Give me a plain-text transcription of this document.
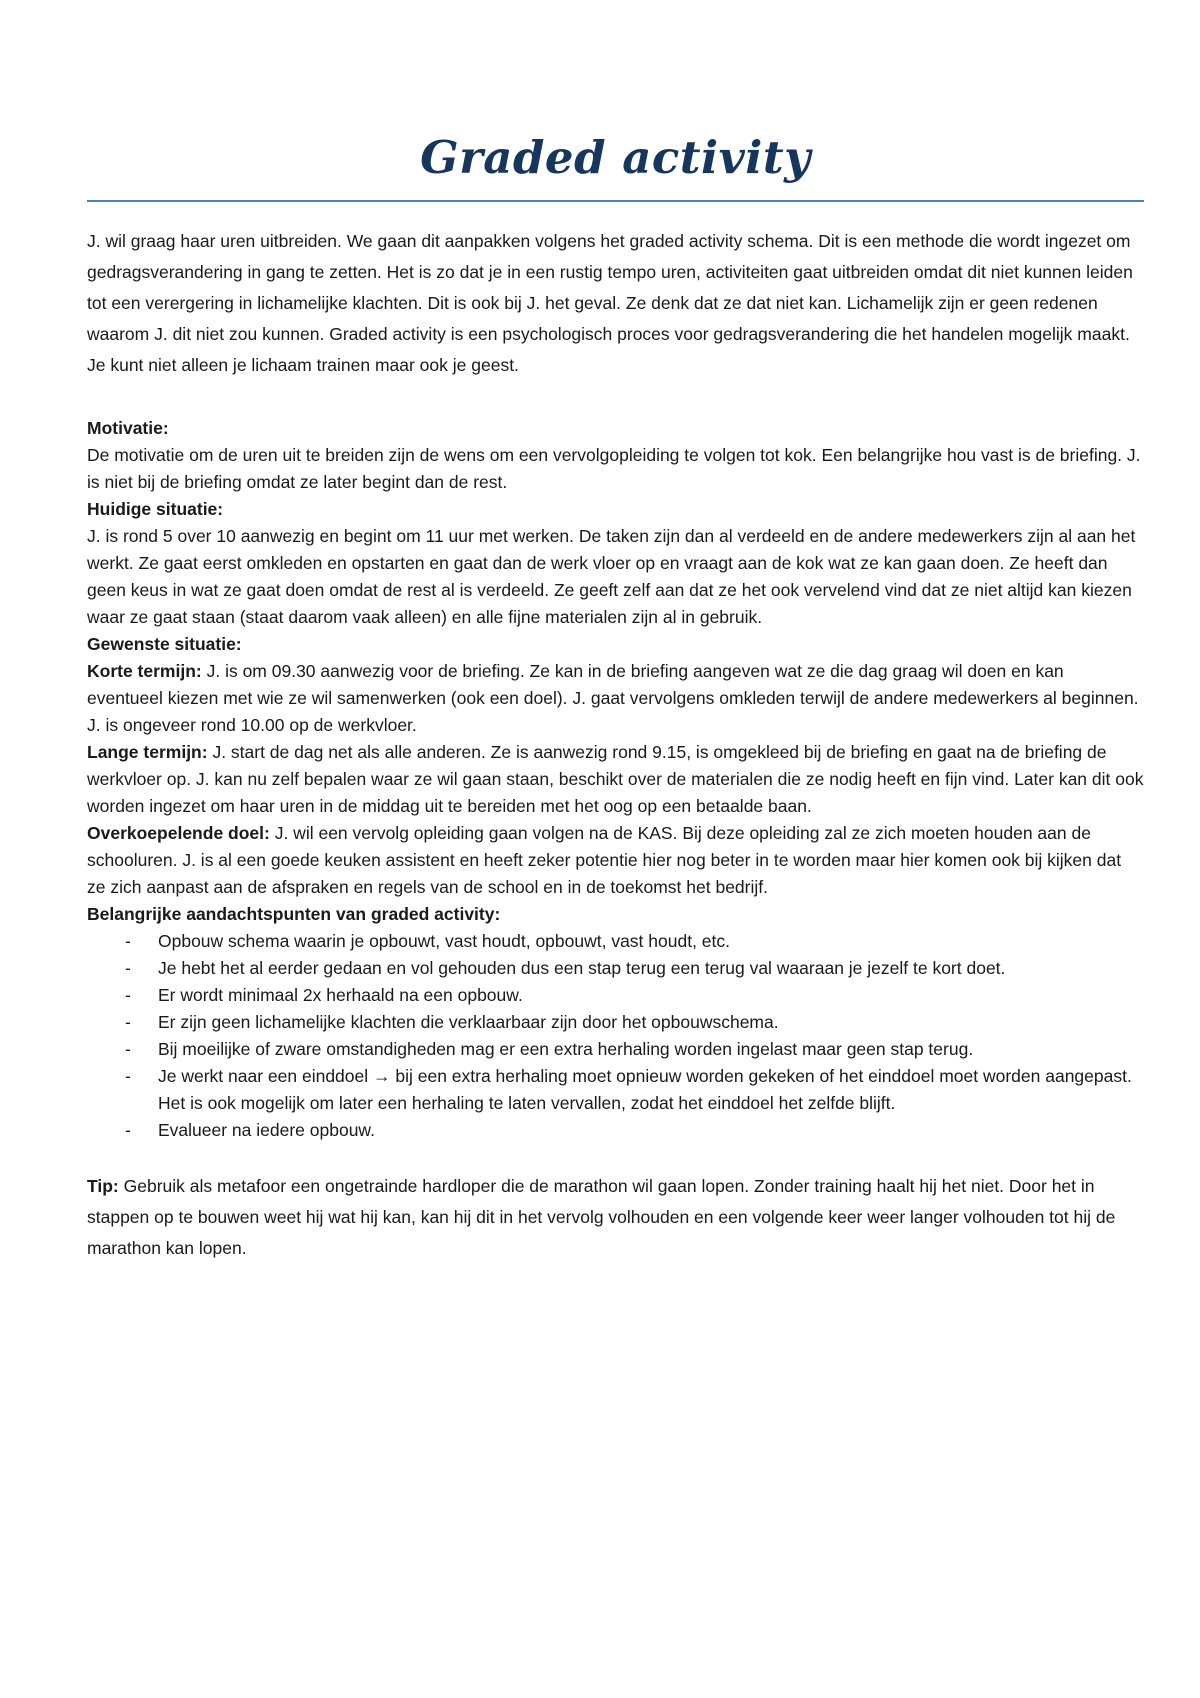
Graded activity

J. wil graag haar uren uitbreiden. We gaan dit aanpakken volgens het graded activity schema. Dit is een methode die wordt ingezet om gedragsverandering in gang te zetten. Het is zo dat je in een rustig tempo uren, activiteiten gaat uitbreiden omdat dit niet kunnen leiden tot een verergering in lichamelijke klachten. Dit is ook bij J. het geval. Ze denk dat ze dat niet kan. Lichamelijk zijn er geen redenen waarom J. dit niet zou kunnen. Graded activity is een psychologisch proces voor gedragsverandering die het handelen mogelijk maakt. Je kunt niet alleen je lichaam trainen maar ook je geest.

Motivatie:

De motivatie om de uren uit te breiden zijn de wens om een vervolgopleiding te volgen tot kok. Een belangrijke hou vast is de briefing. J. is niet bij de briefing omdat ze later begint dan de rest.

Huidige situatie:

J. is rond 5 over 10 aanwezig en begint om 11 uur met werken. De taken zijn dan al verdeeld en de andere medewerkers zijn al aan het werkt. Ze gaat eerst omkleden en opstarten en gaat dan de werk vloer op en vraagt aan de kok wat ze kan gaan doen. Ze heeft dan geen keus in wat ze gaat doen omdat de rest al is verdeeld. Ze geeft zelf aan dat ze het ook vervelend vind dat ze niet altijd kan kiezen waar ze gaat staan (staat daarom vaak alleen) en alle fijne materialen zijn al in gebruik.

Gewenste situatie:

Korte termijn: J. is om 09.30 aanwezig voor de briefing. Ze kan in de briefing aangeven wat ze die dag graag wil doen en kan eventueel kiezen met wie ze wil samenwerken (ook een doel). J. gaat vervolgens omkleden terwijl de andere medewerkers al beginnen. J. is ongeveer rond 10.00 op de werkvloer.

Lange termijn: J. start de dag net als alle anderen. Ze is aanwezig rond 9.15, is omgekleed bij de briefing en gaat na de briefing de werkvloer op. J. kan nu zelf bepalen waar ze wil gaan staan, beschikt over de materialen die ze nodig heeft en fijn vind. Later kan dit ook worden ingezet om haar uren in de middag uit te bereiden met het oog op een betaalde baan.

Overkoepelende doel: J. wil een vervolg opleiding gaan volgen na de KAS. Bij deze opleiding zal ze zich moeten houden aan de schooluren. J. is al een goede keuken assistent en heeft zeker potentie hier nog beter in te worden maar hier komen ook bij kijken dat ze zich aanpast aan de afspraken en regels van de school en in de toekomst het bedrijf.

Belangrijke aandachtspunten van graded activity:

- Opbouw schema waarin je opbouwt, vast houdt, opbouwt, vast houdt, etc.
- Je hebt het al eerder gedaan en vol gehouden dus een stap terug een terug val waaraan je jezelf te kort doet.
- Er wordt minimaal 2x herhaald na een opbouw.
- Er zijn geen lichamelijke klachten die verklaarbaar zijn door het opbouwschema.
- Bij moeilijke of zware omstandigheden mag er een extra herhaling worden ingelast maar geen stap terug.
- Je werkt naar een einddoel → bij een extra herhaling moet opnieuw worden gekeken of het einddoel moet worden aangepast. Het is ook mogelijk om later een herhaling te laten vervallen, zodat het einddoel het zelfde blijft.
- Evalueer na iedere opbouw.

Tip: Gebruik als metafoor een ongetrainde hardloper die de marathon wil gaan lopen. Zonder training haalt hij het niet. Door het in stappen op te bouwen weet hij wat hij kan, kan hij dit in het vervolg volhouden en een volgende keer weer langer volhouden tot hij de marathon kan lopen.
